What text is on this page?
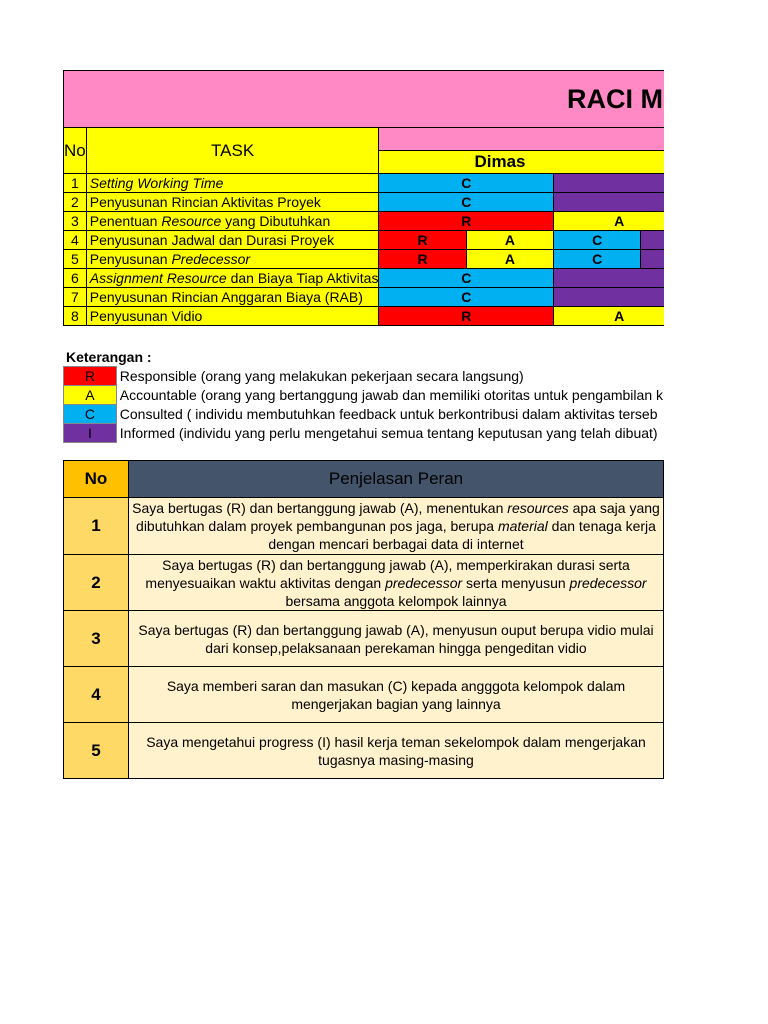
RACI M					
No	TASK				
		Dimas			
1	Setting Working Time	C			
2	Penyusunan Rincian Aktivitas Proyek	C			
3	Penentuan Resource yang Dibutuhkan	R		A	
4	Penyusunan Jadwal dan Durasi Proyek	R	A	C	
5	Penyusunan Predecessor	R	A	C	
6	Assignment Resource dan Biaya Tiap Aktivitas	C			
7	Penyusunan Rincian Anggaran Biaya (RAB)	C			
8	Penyusunan Vidio	R		A	
Keterangan :
R	Responsible (orang yang melakukan pekerjaan secara langsung)
A	Accountable (orang yang bertanggung jawab dan memiliki otoritas untuk pengambilan k
C	Consulted ( individu membutuhkan feedback untuk berkontribusi dalam aktivitas terseb
I	Informed (individu yang perlu mengetahui semua tentang keputusan yang telah dibuat)
No	Penjelasan Peran
1	Saya bertugas (R) dan bertanggung jawab (A), menentukan resources apa saja yang dibutuhkan dalam proyek pembangunan pos jaga, berupa material dan tenaga kerja dengan mencari berbagai data di internet
2	Saya bertugas (R) dan bertanggung jawab (A), memperkirakan durasi serta menyesuaikan waktu aktivitas dengan predecessor serta menyusun predecessor bersama anggota kelompok lainnya
3	Saya bertugas (R) dan bertanggung jawab (A), menyusun ouput berupa vidio mulai dari konsep,pelaksanaan perekaman hingga pengeditan vidio
4	Saya memberi saran dan masukan (C) kepada angggota kelompok dalam mengerjakan bagian yang lainnya
5	Saya mengetahui progress (I) hasil kerja teman sekelompok dalam mengerjakan tugasnya masing-masing
